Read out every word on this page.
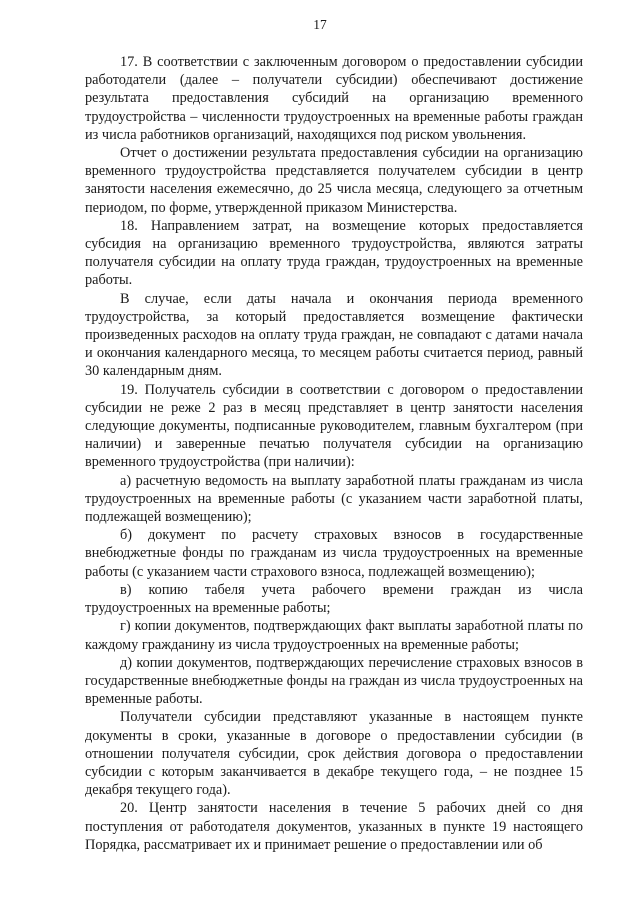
17

17. В соответствии с заключенным договором о предоставлении субсидии работодатели (далее – получатели субсидии) обеспечивают достижение результата предоставления субсидий на организацию временного трудоустройства – численности трудоустроенных на временные работы граждан из числа работников организаций, находящихся под риском увольнения.

Отчет о достижении результата предоставления субсидии на организацию временного трудоустройства представляется получателем субсидии в центр занятости населения ежемесячно, до 25 числа месяца, следующего за отчетным периодом, по форме, утвержденной приказом Министерства.

18. Направлением затрат, на возмещение которых предоставляется субсидия на организацию временного трудоустройства, являются затраты получателя субсидии на оплату труда граждан, трудоустроенных на временные работы.

В случае, если даты начала и окончания периода временного трудоустройства, за который предоставляется возмещение фактически произведенных расходов на оплату труда граждан, не совпадают с датами начала и окончания календарного месяца, то месяцем работы считается период, равный 30 календарным дням.

19. Получатель субсидии в соответствии с договором о предоставлении субсидии не реже 2 раз в месяц представляет в центр занятости населения следующие документы, подписанные руководителем, главным бухгалтером (при наличии) и заверенные печатью получателя субсидии на организацию временного трудоустройства (при наличии):

а) расчетную ведомость на выплату заработной платы гражданам из числа трудоустроенных на временные работы (с указанием части заработной платы, подлежащей возмещению);

б) документ по расчету страховых взносов в государственные внебюджетные фонды по гражданам из числа трудоустроенных на временные работы (с указанием части страхового взноса, подлежащей возмещению);

в) копию табеля учета рабочего времени граждан из числа трудоустроенных на временные работы;

г) копии документов, подтверждающих факт выплаты заработной платы по каждому гражданину из числа трудоустроенных на временные работы;

д) копии документов, подтверждающих перечисление страховых взносов в государственные внебюджетные фонды на граждан из числа трудоустроенных на временные работы.

Получатели субсидии представляют указанные в настоящем пункте документы в сроки, указанные в договоре о предоставлении субсидии (в отношении получателя субсидии, срок действия договора о предоставлении субсидии с которым заканчивается в декабре текущего года, – не позднее 15 декабря текущего года).

20. Центр занятости населения в течение 5 рабочих дней со дня поступления от работодателя документов, указанных в пункте 19 настоящего Порядка, рассматривает их и принимает решение о предоставлении или об
